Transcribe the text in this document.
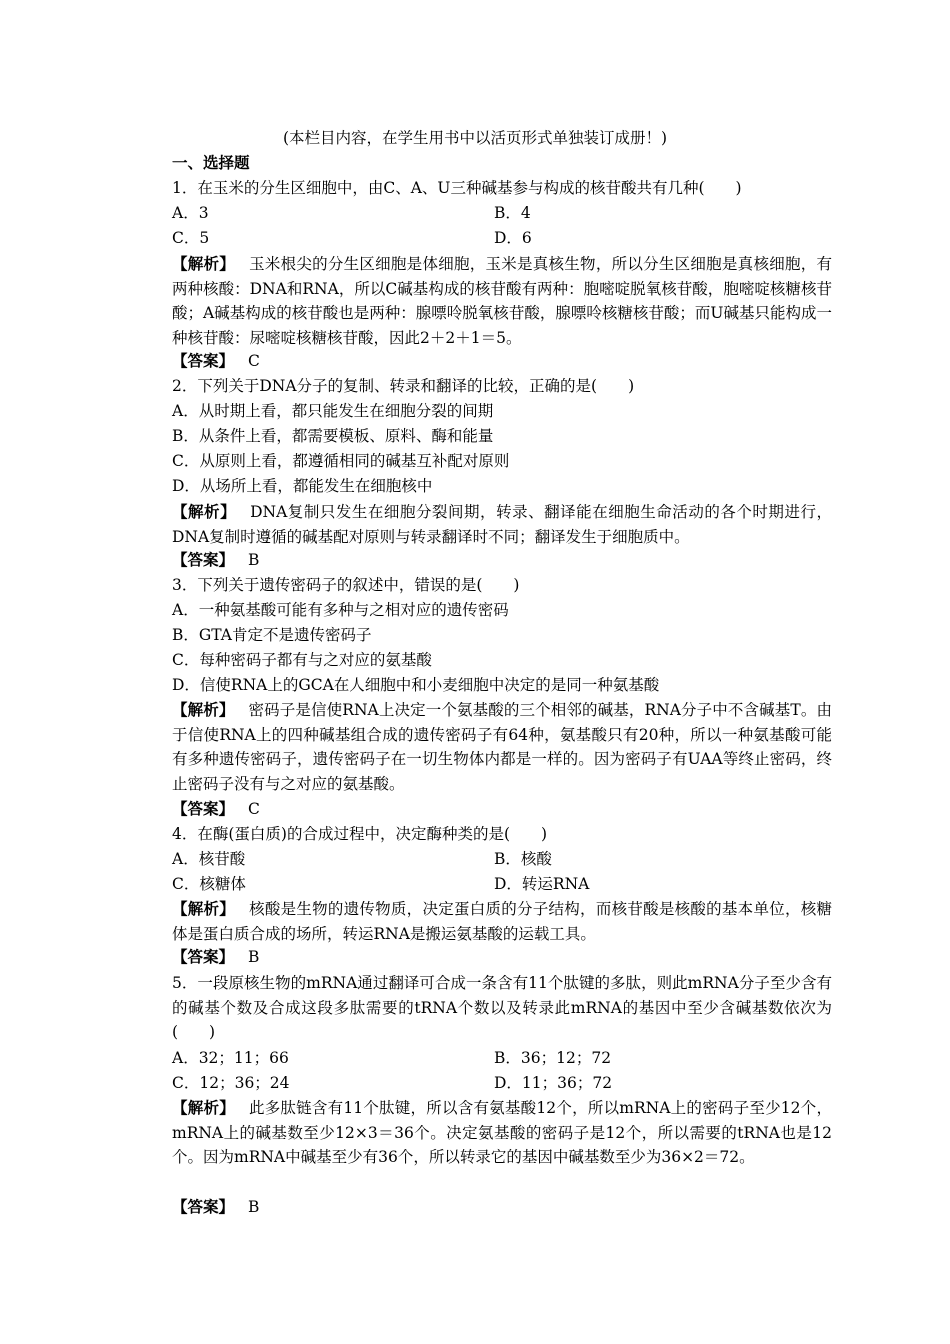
(本栏目内容，在学生用书中以活页形式单独装订成册！)
一、选择题
1．在玉米的分生区细胞中，由C、A、U三种碱基参与构成的核苷酸共有几种(　　)
A．3	B．4
C．5	D．6
【解析】 玉米根尖的分生区细胞是体细胞，玉米是真核生物，所以分生区细胞是真核细胞，有两种核酸：DNA和RNA，所以C碱基构成的核苷酸有两种：胞嘧啶脱氧核苷酸，胞嘧啶核糖核苷酸；A碱基构成的核苷酸也是两种：腺嘌呤脱氧核苷酸，腺嘌呤核糖核苷酸；而U碱基只能构成一种核苷酸：尿嘧啶核糖核苷酸，因此2＋2＋1＝5。
【答案】 C
2．下列关于DNA分子的复制、转录和翻译的比较，正确的是(　　)
A．从时期上看，都只能发生在细胞分裂的间期
B．从条件上看，都需要模板、原料、酶和能量
C．从原则上看，都遵循相同的碱基互补配对原则
D．从场所上看，都能发生在细胞核中
【解析】 DNA复制只发生在细胞分裂间期，转录、翻译能在细胞生命活动的各个时期进行，DNA复制时遵循的碱基配对原则与转录翻译时不同；翻译发生于细胞质中。
【答案】 B
3．下列关于遗传密码子的叙述中，错误的是(　　)
A．一种氨基酸可能有多种与之相对应的遗传密码
B．GTA肯定不是遗传密码子
C．每种密码子都有与之对应的氨基酸
D．信使RNA上的GCA在人细胞中和小麦细胞中决定的是同一种氨基酸
【解析】 密码子是信使RNA上决定一个氨基酸的三个相邻的碱基，RNA分子中不含碱基T。由于信使RNA上的四种碱基组合成的遗传密码子有64种，氨基酸只有20种，所以一种氨基酸可能有多种遗传密码子，遗传密码子在一切生物体内都是一样的。因为密码子有UAA等终止密码，终止密码子没有与之对应的氨基酸。
【答案】 C
4．在酶(蛋白质)的合成过程中，决定酶种类的是(　　)
A．核苷酸	B．核酸
C．核糖体	D．转运RNA
【解析】 核酸是生物的遗传物质，决定蛋白质的分子结构，而核苷酸是核酸的基本单位，核糖体是蛋白质合成的场所，转运RNA是搬运氨基酸的运载工具。
【答案】 B
5．一段原核生物的mRNA通过翻译可合成一条含有11个肽键的多肽，则此mRNA分子至少含有的碱基个数及合成这段多肽需要的tRNA个数以及转录此mRNA的基因中至少含碱基数依次为(　　)
A．32；11；66	B．36；12；72
C．12；36；24	D．11；36；72
【解析】 此多肽链含有11个肽键，所以含有氨基酸12个，所以mRNA上的密码子至少12个，mRNA上的碱基数至少12×3＝36个。决定氨基酸的密码子是12个，所以需要的tRNA也是12个。因为mRNA中碱基至少有36个，所以转录它的基因中碱基数至少为36×2＝72。
【答案】 B
